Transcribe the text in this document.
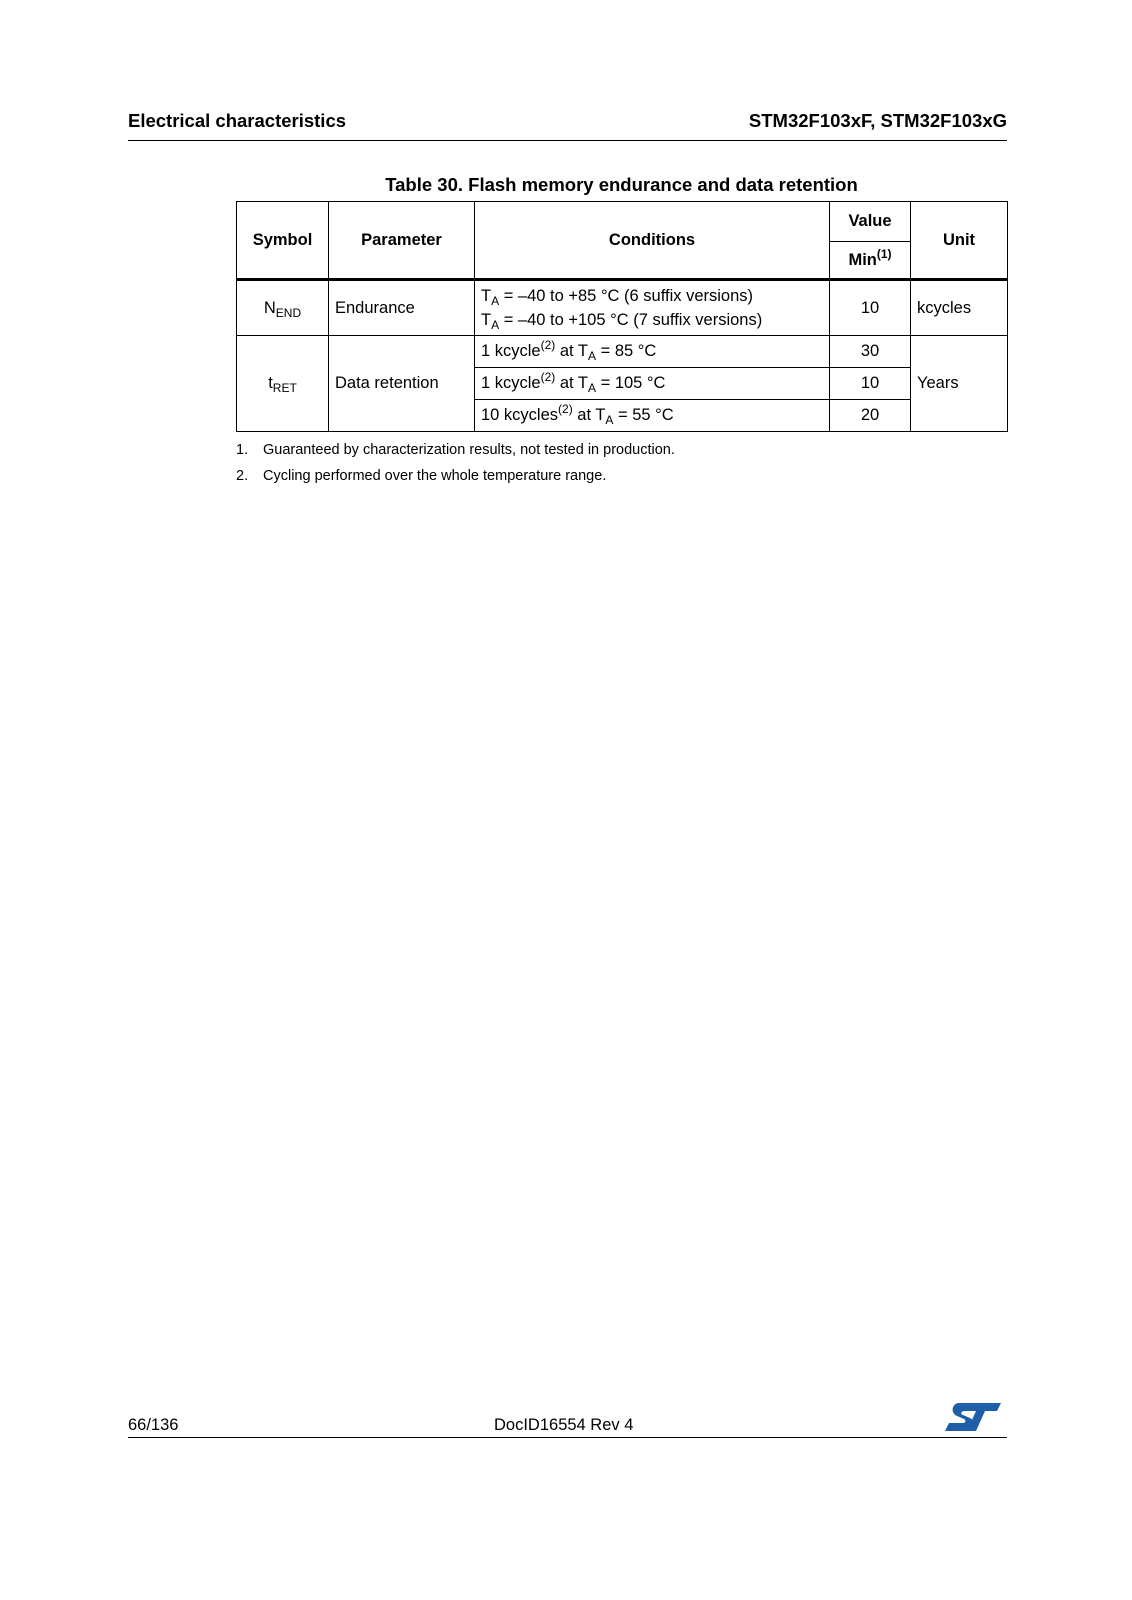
Electrical characteristics	STM32F103xF, STM32F103xG
Table 30. Flash memory endurance and data retention
Symbol	Parameter	Conditions	Value	Unit
			Min$^{(1)}$
$N_{END}$	Endurance	$T_A = -40$ to +85 °C (6 suffix versions)
$T_A = -40$ to +105 °C (7 suffix versions)	10	kcycles
$t_{RET}$	Data retention	1 kcycle$^{(2)}$ at $T_A = 85$ °C	30	Years
		1 kcycle$^{(2)}$ at $T_A = 105$ °C	10	
		10 kcycles$^{(2)}$ at $T_A = 55$ °C	20	
1. Guaranteed by characterization results, not tested in production.
2. Cycling performed over the whole temperature range.
66/136	DocID16554 Rev 4
